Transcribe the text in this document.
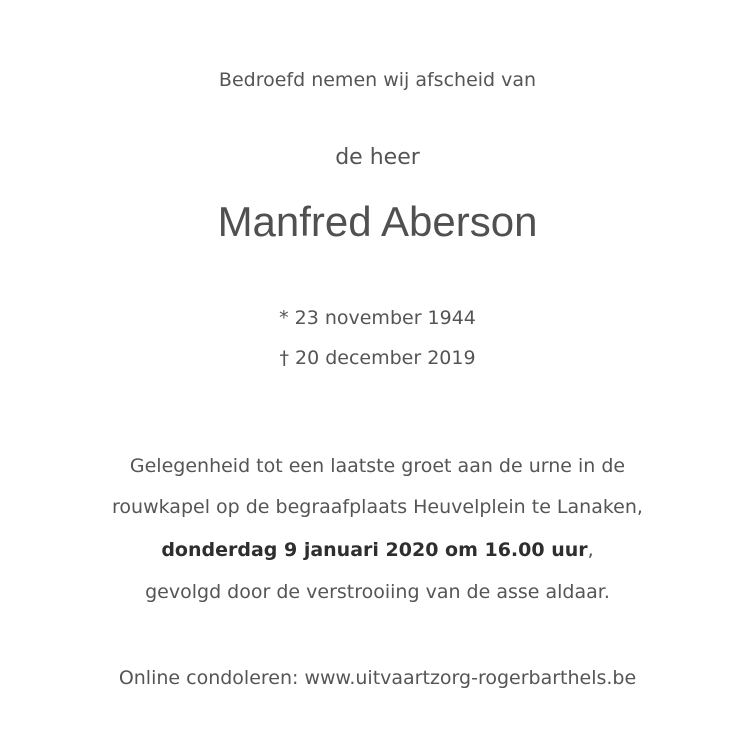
Bedroefd nemen wij afscheid van
de heer
Manfred Aberson
* 23 november 1944
† 20 december 2019
Gelegenheid tot een laatste groet aan de urne in de
rouwkapel op de begraafplaats Heuvelplein te Lanaken,
donderdag 9 januari 2020 om 16.00 uur,
gevolgd door de verstrooiing van de asse aldaar.
Online condoleren: www.uitvaartzorg-rogerbarthels.be
